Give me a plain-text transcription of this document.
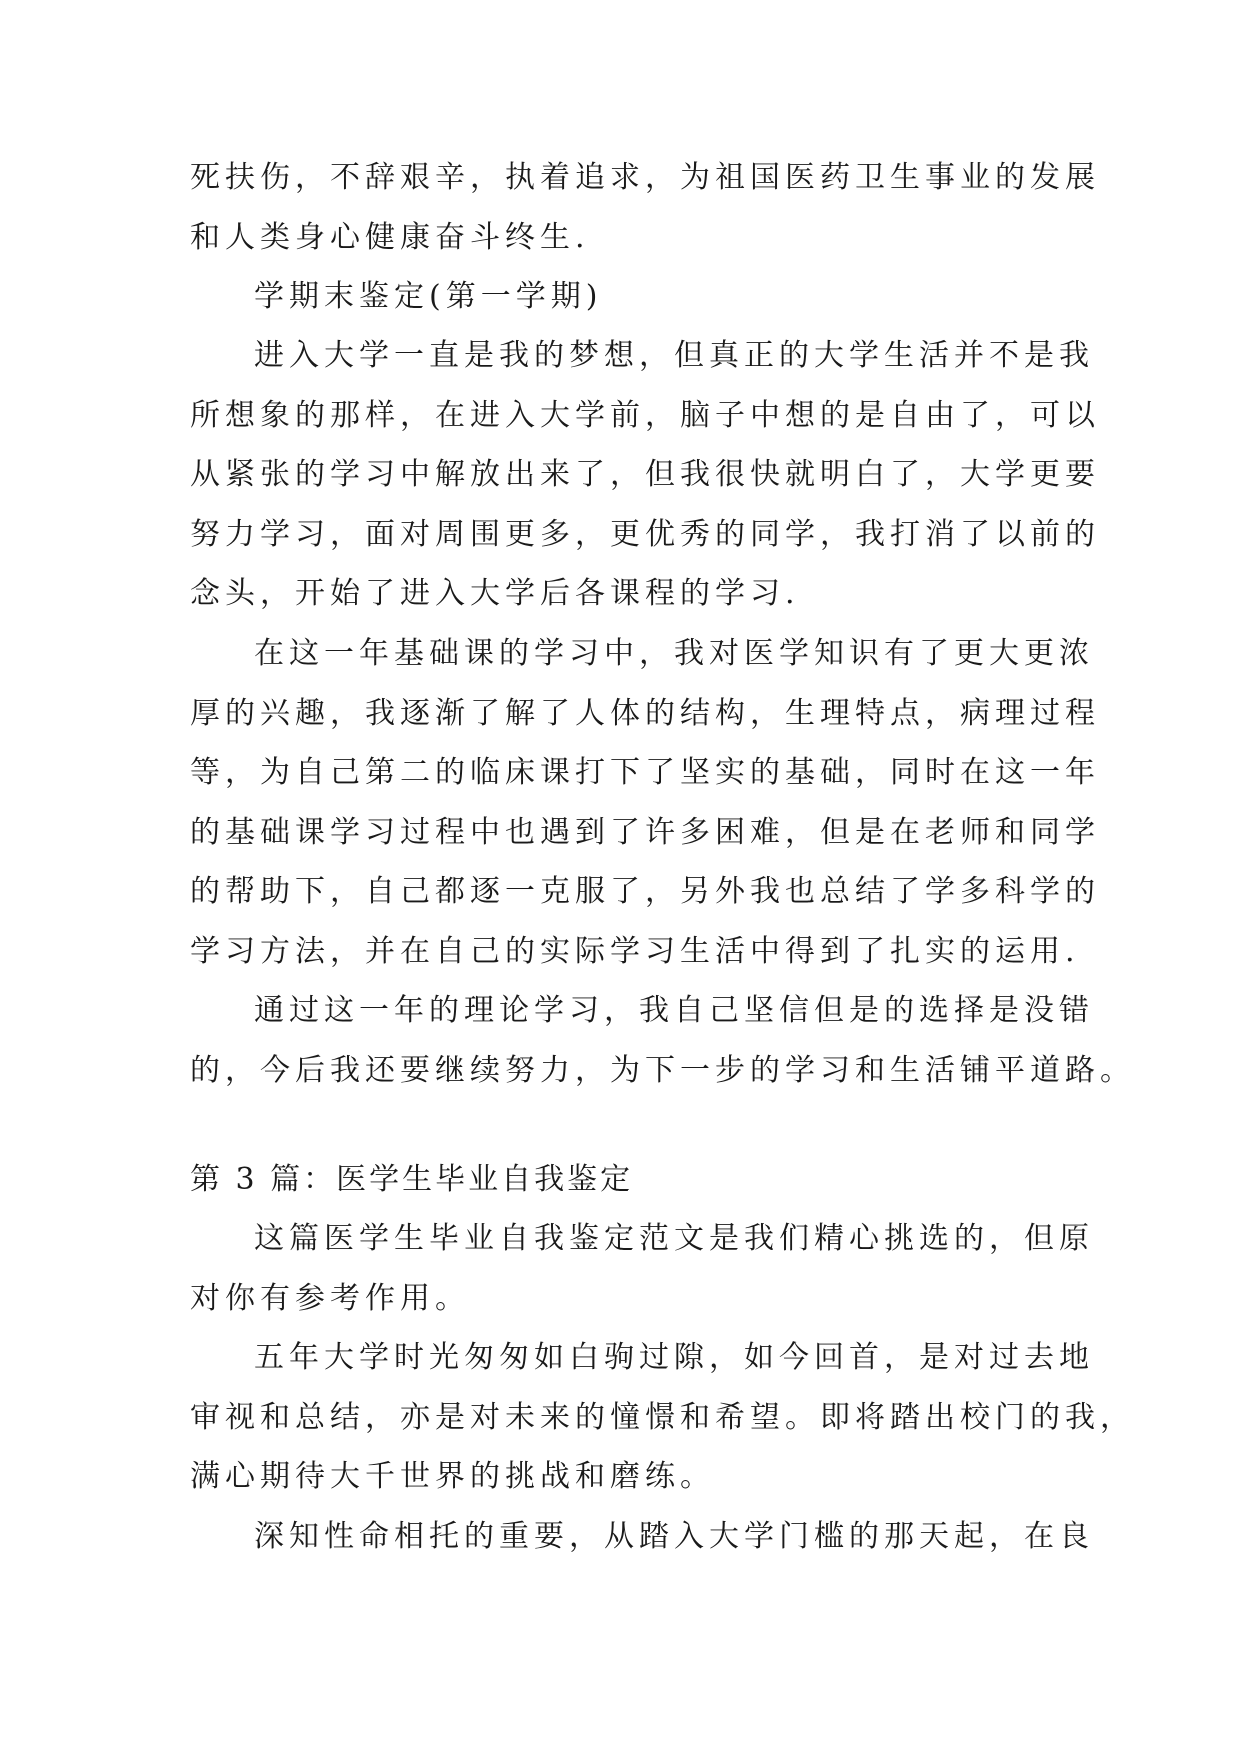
死扶伤，不辞艰辛，执着追求，为祖国医药卫生事业的发展
和人类身心健康奋斗终生.
学期末鉴定(第一学期)
进入大学一直是我的梦想，但真正的大学生活并不是我
所想象的那样，在进入大学前，脑子中想的是自由了，可以
从紧张的学习中解放出来了，但我很快就明白了，大学更要
努力学习，面对周围更多，更优秀的同学，我打消了以前的
念头，开始了进入大学后各课程的学习.
在这一年基础课的学习中，我对医学知识有了更大更浓
厚的兴趣，我逐渐了解了人体的结构，生理特点，病理过程
等，为自己第二的临床课打下了坚实的基础，同时在这一年
的基础课学习过程中也遇到了许多困难，但是在老师和同学
的帮助下，自己都逐一克服了，另外我也总结了学多科学的
学习方法，并在自己的实际学习生活中得到了扎实的运用.
通过这一年的理论学习，我自己坚信但是的选择是没错
的，今后我还要继续努力，为下一步的学习和生活铺平道路。
第 3 篇：医学生毕业自我鉴定
这篇医学生毕业自我鉴定范文是我们精心挑选的，但原
对你有参考作用。
五年大学时光匆匆如白驹过隙，如今回首，是对过去地
审视和总结，亦是对未来的憧憬和希望。即将踏出校门的我，
满心期待大千世界的挑战和磨练。
深知性命相托的重要，从踏入大学门槛的那天起，在良
